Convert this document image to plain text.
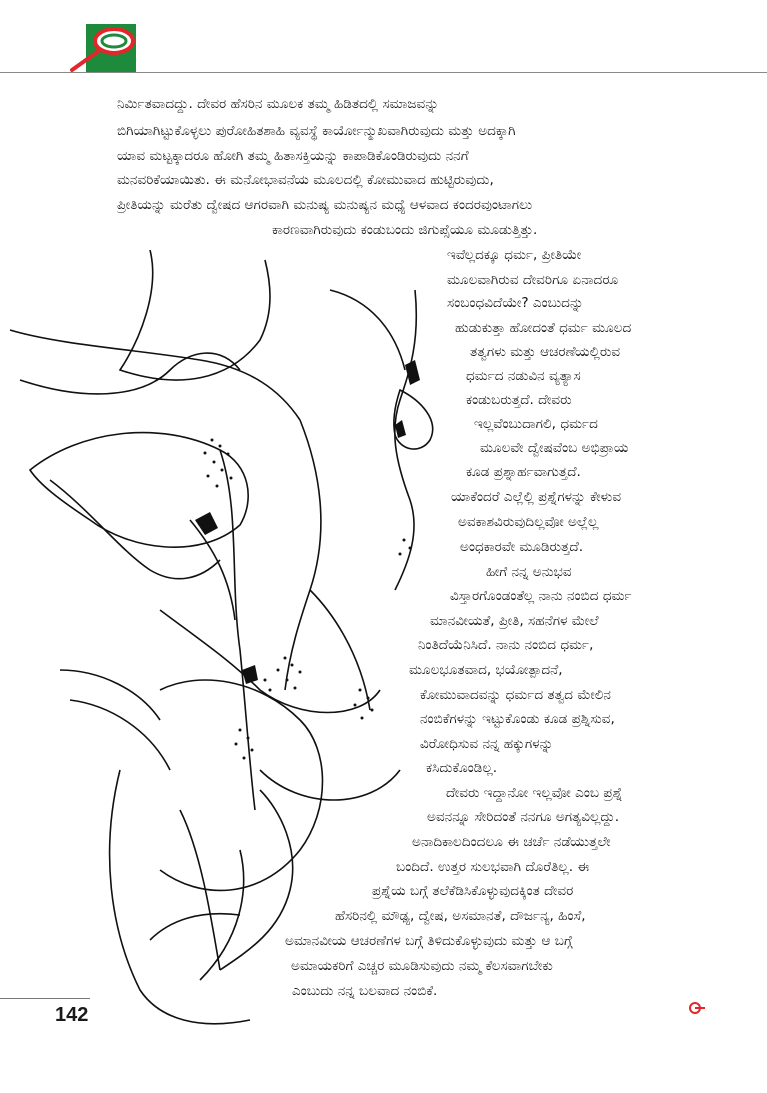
ನಿರ್ಮಿತವಾದದ್ದು. ದೇವರ ಹೆಸರಿನ ಮೂಲಕ ತಮ್ಮ ಹಿಡಿತದಲ್ಲಿ ಸಮಾಜವನ್ನು
ಬಿಗಿಯಾಗಿಟ್ಟುಕೊಳ್ಳಲು ಪುರೋಹಿತಶಾಹಿ ವ್ಯವಸ್ಥೆ ಕಾರ್ಯೋನ್ಮುಖವಾಗಿರುವುದು ಮತ್ತು ಅದಕ್ಕಾಗಿ
ಯಾವ ಮಟ್ಟಕ್ಕಾದರೂ ಹೋಗಿ ತಮ್ಮ ಹಿತಾಸಕ್ತಿಯನ್ನು ಕಾಪಾಡಿಕೊಂಡಿರುವುದು ನನಗೆ
ಮನವರಿಕೆಯಾಯಿತು. ಈ ಮನೋಭಾವನೆಯ ಮೂಲದಲ್ಲಿ ಕೋಮುವಾದ ಹುಟ್ಟಿರುವುದು,
ಪ್ರೀತಿಯನ್ನು ಮರೆತು ದ್ವೇಷದ ಆಗರವಾಗಿ ಮನುಷ್ಯ ಮನುಷ್ಯನ ಮಧ್ಯೆ ಆಳವಾದ ಕಂದರವುಂಟಾಗಲು
ಕಾರಣವಾಗಿರುವುದು ಕಂಡುಬಂದು ಜಿಗುಪ್ಸೆಯೂ ಮೂಡುತ್ತಿತ್ತು.
ಇವೆಲ್ಲದಕ್ಕೂ ಧರ್ಮ, ಪ್ರೀತಿಯೇ
ಮೂಲವಾಗಿರುವ ದೇವರಿಗೂ ಏನಾದರೂ
ಸಂಬಂಧವಿದೆಯೇ? ಎಂಬುದನ್ನು
ಹುಡುಕುತ್ತಾ ಹೋದಂತೆ ಧರ್ಮ ಮೂಲದ
ತತ್ವಗಳು ಮತ್ತು ಆಚರಣೆಯಲ್ಲಿರುವ
ಧರ್ಮದ ನಡುವಿನ ವ್ಯತ್ಯಾಸ
ಕಂಡುಬರುತ್ತದೆ. ದೇವರು
ಇಲ್ಲವೆಂಬುದಾಗಲಿ, ಧರ್ಮದ
ಮೂಲವೇ ದ್ವೇಷವೆಂಬ ಅಭಿಪ್ರಾಯ
ಕೂಡ ಪ್ರಶ್ನಾರ್ಹವಾಗುತ್ತದೆ.
ಯಾಕೆಂದರೆ ಎಲ್ಲೆಲ್ಲಿ ಪ್ರಶ್ನೆಗಳನ್ನು ಕೇಳುವ
ಅವಕಾಶವಿರುವುದಿಲ್ಲವೋ ಅಲ್ಲೆಲ್ಲ
ಅಂಧಕಾರವೇ ಮೂಡಿರುತ್ತದೆ.
ಹೀಗೆ ನನ್ನ ಅನುಭವ
ವಿಸ್ತಾರಗೊಂಡಂತೆಲ್ಲ ನಾನು ನಂಬಿದ ಧರ್ಮ
ಮಾನವೀಯತೆ, ಪ್ರೀತಿ, ಸಹನೆಗಳ ಮೇಲೆ
ನಿಂತಿದೆಯೆನಿಸಿದೆ. ನಾನು ನಂಬಿದ ಧರ್ಮ,
ಮೂಲಭೂತವಾದ, ಭಯೋತ್ಪಾದನೆ,
ಕೋಮುವಾದವನ್ನು ಧರ್ಮದ ತತ್ವದ ಮೇಲಿನ
ನಂಬಿಕೆಗಳನ್ನು ಇಟ್ಟುಕೊಂಡು ಕೂಡ ಪ್ರಶ್ನಿಸುವ,
ವಿರೋಧಿಸುವ ನನ್ನ ಹಕ್ಕುಗಳನ್ನು
ಕಸಿದುಕೊಂಡಿಲ್ಲ.
ದೇವರು ಇದ್ದಾನೋ ಇಲ್ಲವೋ ಎಂಬ ಪ್ರಶ್ನೆ
ಅವನನ್ನೂ ಸೇರಿದಂತೆ ನನಗೂ ಅಗತ್ಯವಿಲ್ಲದ್ದು.
ಅನಾದಿಕಾಲದಿಂದಲೂ ಈ ಚರ್ಚೆ ನಡೆಯುತ್ತಲೇ
ಬಂದಿದೆ. ಉತ್ತರ ಸುಲಭವಾಗಿ ದೊರೆತಿಲ್ಲ. ಈ
ಪ್ರಶ್ನೆಯ ಬಗ್ಗೆ ತಲೆಕೆಡಿಸಿಕೊಳ್ಳುವುದಕ್ಕಿಂತ ದೇವರ
ಹೆಸರಿನಲ್ಲಿ ಮೌಢ್ಯ, ದ್ವೇಷ, ಅಸಮಾನತೆ, ದೌರ್ಜನ್ಯ, ಹಿಂಸೆ,
ಅಮಾನವೀಯ ಆಚರಣೆಗಳ ಬಗ್ಗೆ ತಿಳಿದುಕೊಳ್ಳುವುದು ಮತ್ತು ಆ ಬಗ್ಗೆ
ಅಮಾಯಕರಿಗೆ ಎಚ್ಚರ ಮೂಡಿಸುವುದು ನಮ್ಮ ಕೆಲಸವಾಗಬೇಕು
ಎಂಬುದು ನನ್ನ ಬಲವಾದ ನಂಬಿಕೆ.
142
